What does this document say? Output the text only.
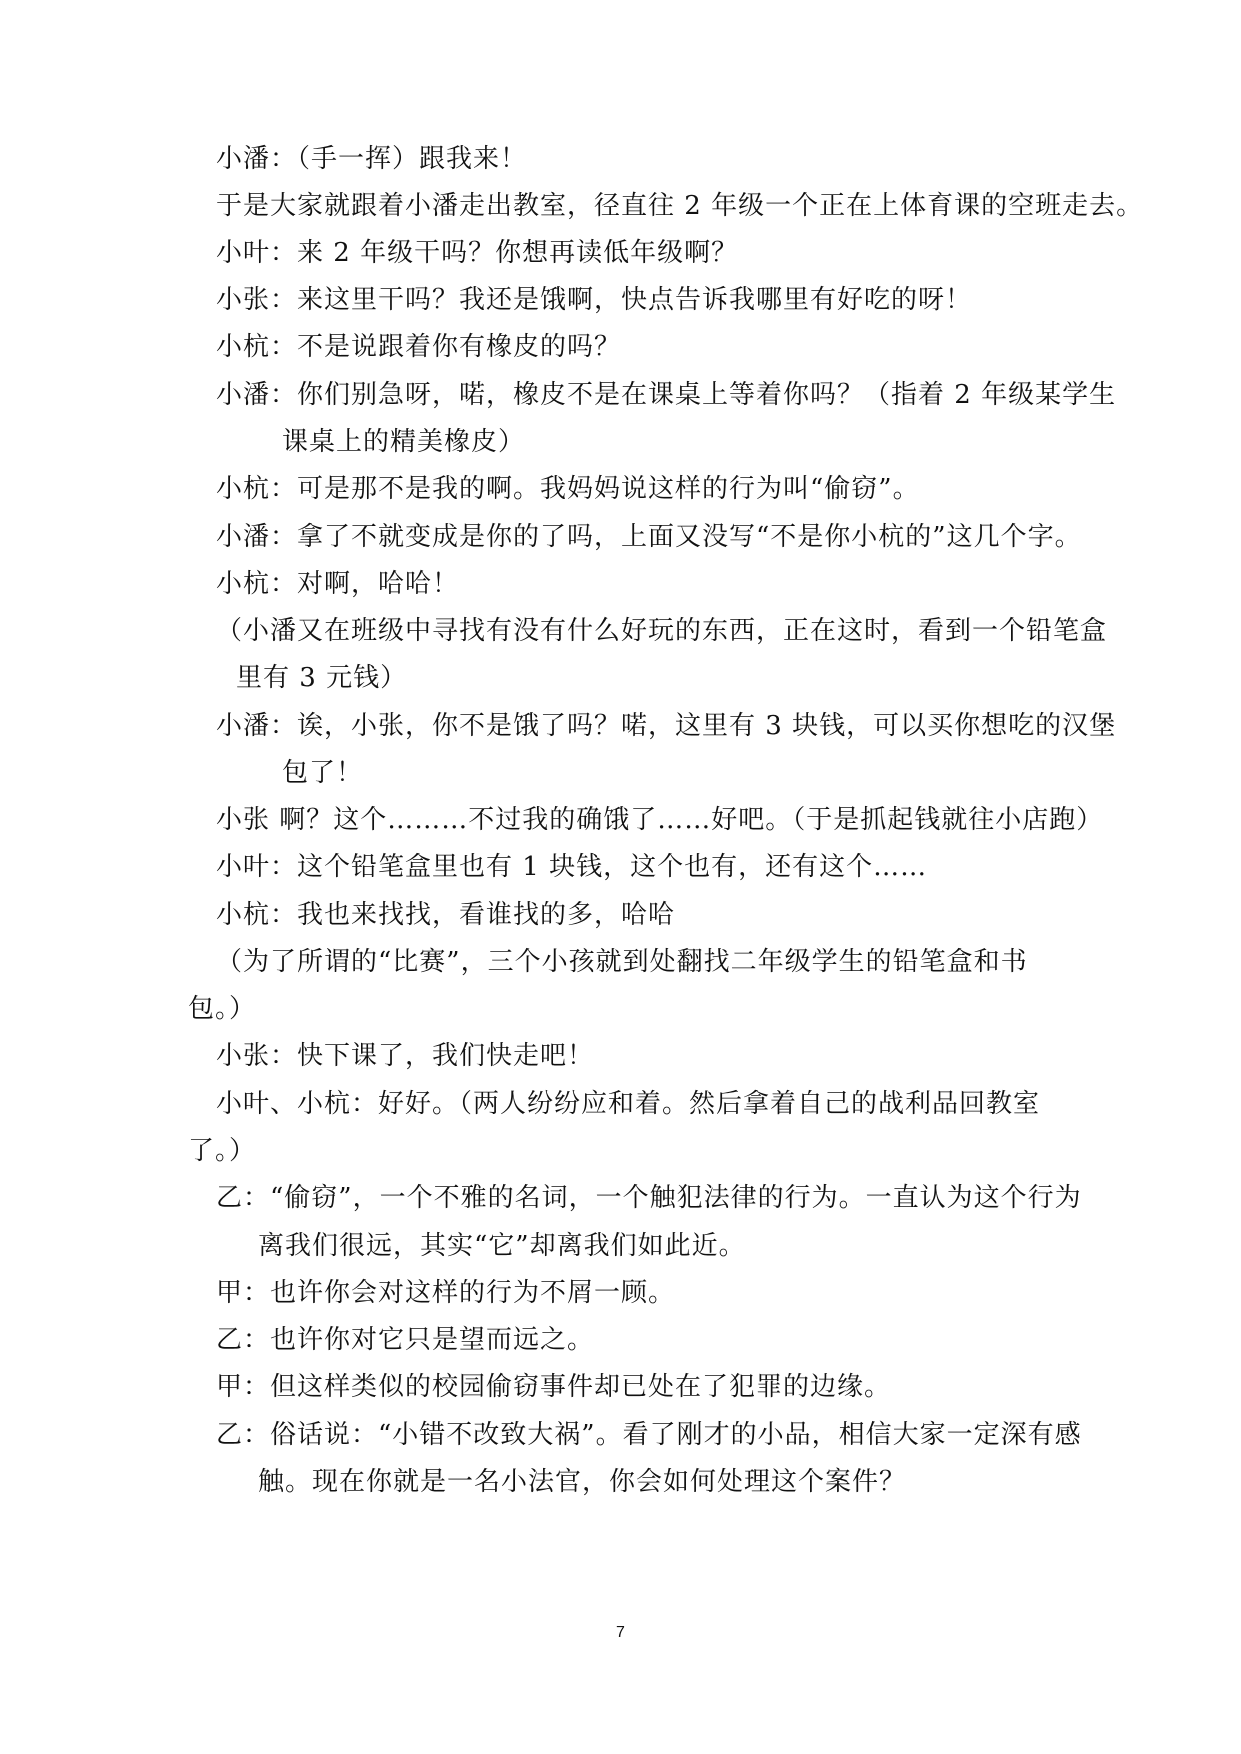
小潘：（手一挥）跟我来！
于是大家就跟着小潘走出教室，径直往 2 年级一个正在上体育课的空班走去。
小叶：来 2 年级干吗？你想再读低年级啊？
小张：来这里干吗？我还是饿啊，快点告诉我哪里有好吃的呀！
小杭：不是说跟着你有橡皮的吗？
小潘：你们别急呀，喏，橡皮不是在课桌上等着你吗？（指着 2 年级某学生
课桌上的精美橡皮）
小杭：可是那不是我的啊。我妈妈说这样的行为叫“偷窃”。
小潘：拿了不就变成是你的了吗，上面又没写“不是你小杭的”这几个字。
小杭：对啊，哈哈！
（小潘又在班级中寻找有没有什么好玩的东西，正在这时，看到一个铅笔盒
里有 3 元钱）
小潘：诶，小张，你不是饿了吗？喏，这里有 3 块钱，可以买你想吃的汉堡
包了！
小张 啊？这个………不过我的确饿了……好吧。（于是抓起钱就往小店跑）
小叶：这个铅笔盒里也有 1 块钱，这个也有，还有这个……
小杭：我也来找找，看谁找的多，哈哈
（为了所谓的“比赛”，三个小孩就到处翻找二年级学生的铅笔盒和书
包。）
小张：快下课了，我们快走吧！
小叶、小杭：好好。（两人纷纷应和着。然后拿着自己的战利品回教室
了。）
乙：“偷窃”，一个不雅的名词，一个触犯法律的行为。一直认为这个行为
离我们很远，其实“它”却离我们如此近。
甲：也许你会对这样的行为不屑一顾。
乙：也许你对它只是望而远之。
甲：但这样类似的校园偷窃事件却已处在了犯罪的边缘。
乙：俗话说：“小错不改致大祸”。看了刚才的小品，相信大家一定深有感
触。现在你就是一名小法官，你会如何处理这个案件？
7
